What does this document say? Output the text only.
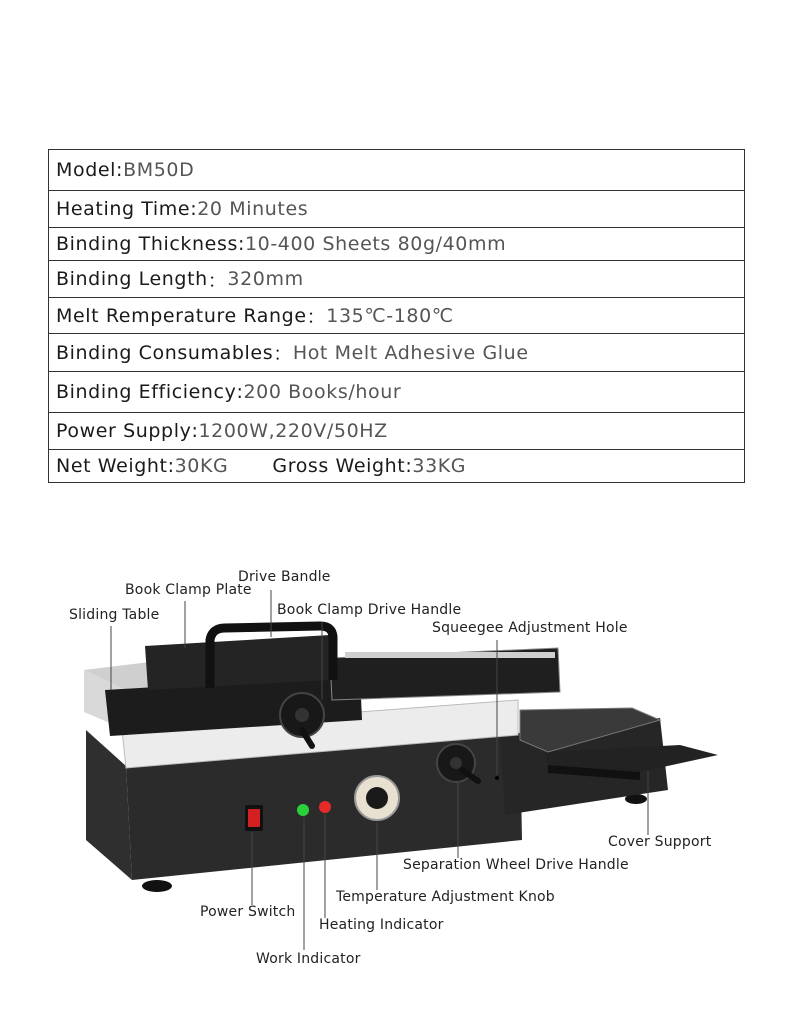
Model : BM50D
Heating Time : 20 Minutes
Binding Thickness : 10-400 Sheets 80g/40mm
Binding Length ： 320mm
Melt Remperature Range ： 135℃-180℃
Binding Consumables ： Hot Melt Adhesive Glue
Binding Efficiency : 200 Books/hour
Power Supply : 1200W,220V/50HZ
Net Weight : 30KG Gross Weight : 33KG
Drive Bandle
Book Clamp Plate
Sliding Table	Book Clamp Drive Handle
Squeegee Adjustment Hole
Cover Support
Separation Wheel Drive Handle
Temperature Adjustment Knob
Power Switch
Heating Indicator
Work Indicator
